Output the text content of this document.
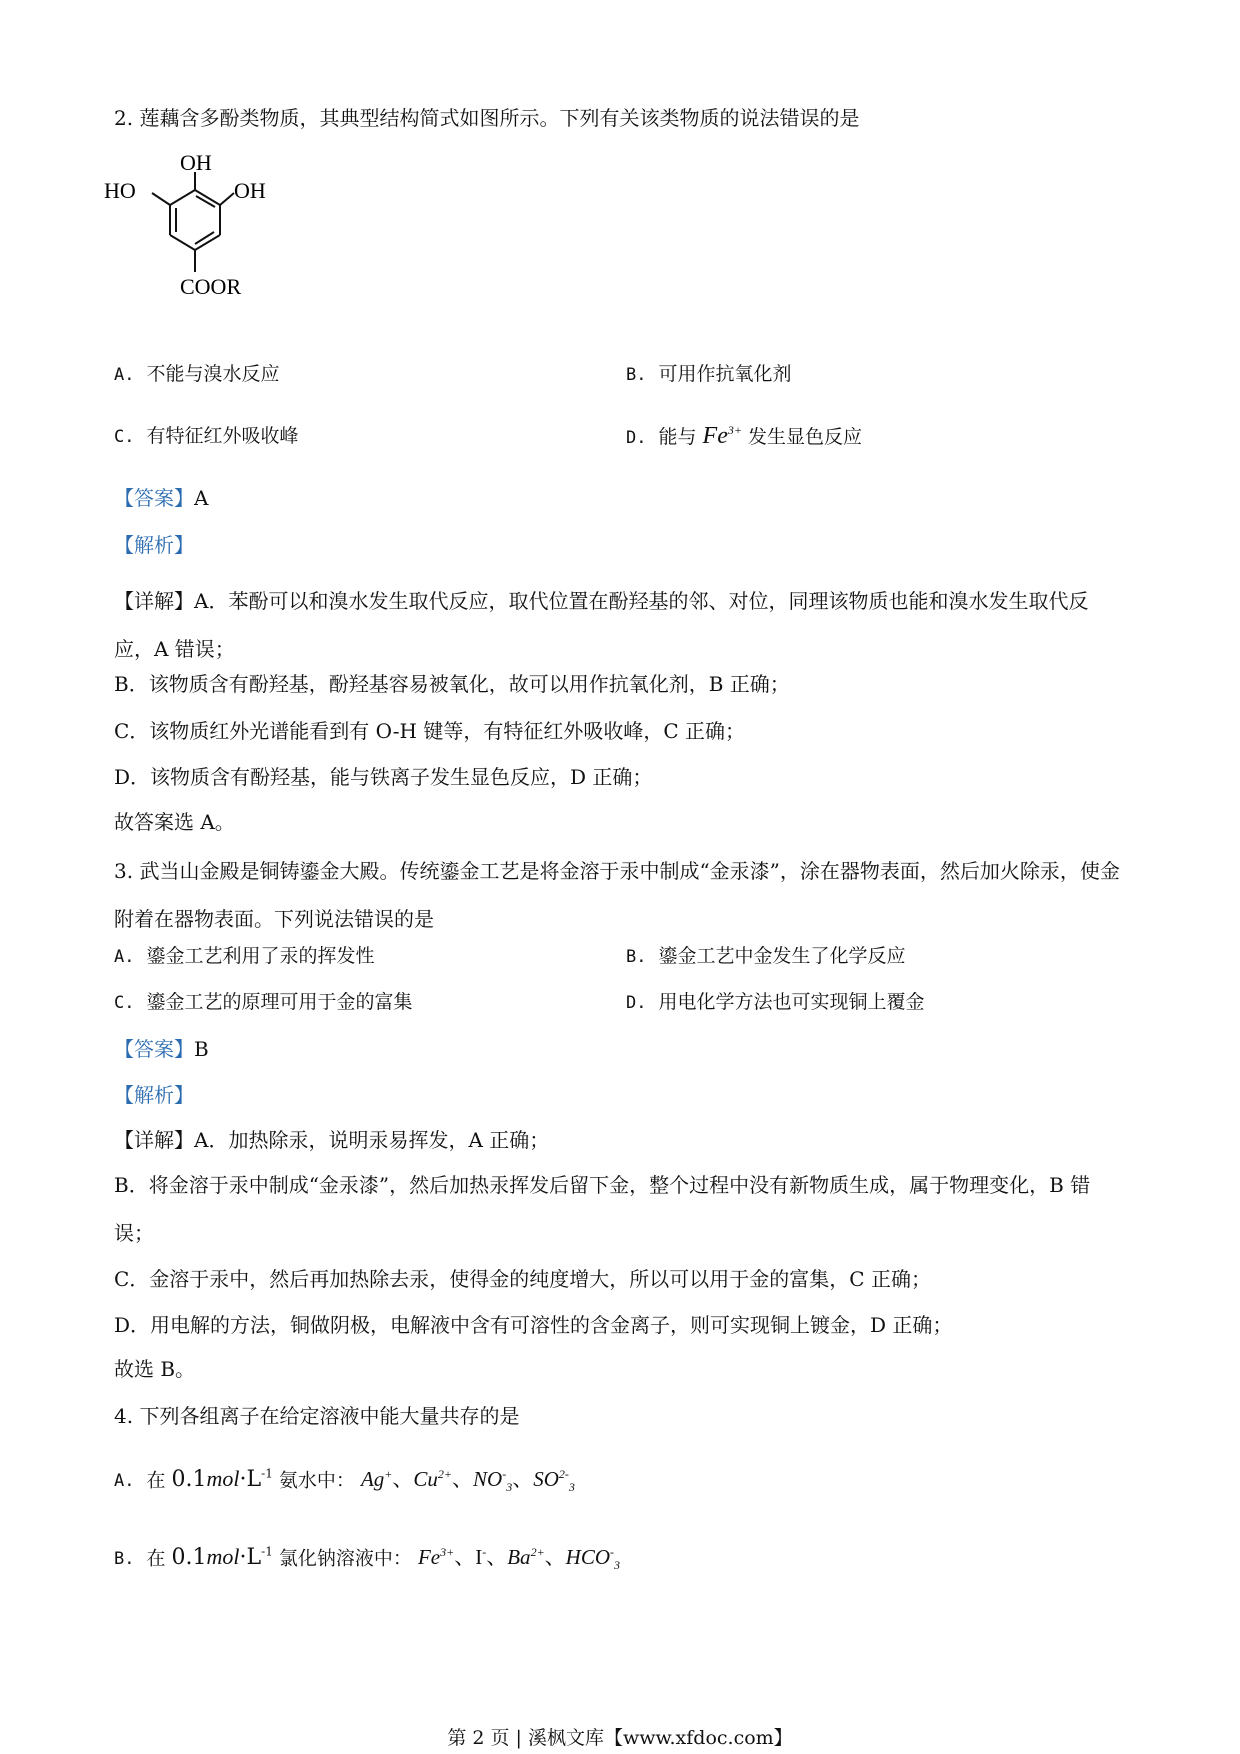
2. 莲藕含多酚类物质，其典型结构简式如图所示。下列有关该类物质的说法错误的是
OH
HO	OH
COOR
A. 不能与溴水反应	B. 可用作抗氧化剂
C. 有特征红外吸收峰	D. 能与 $Fe^{3+}$ 发生显色反应
【答案】A
【解析】
【详解】A．苯酚可以和溴水发生取代反应，取代位置在酚羟基的邻、对位，同理该物质也能和溴水发生取代反应，A 错误；
B．该物质含有酚羟基，酚羟基容易被氧化，故可以用作抗氧化剂，B 正确；
C．该物质红外光谱能看到有 O-H 键等，有特征红外吸收峰，C 正确；
D．该物质含有酚羟基，能与铁离子发生显色反应，D 正确；
故答案选 A。
3. 武当山金殿是铜铸鎏金大殿。传统鎏金工艺是将金溶于汞中制成“金汞漆”，涂在器物表面，然后加火除汞，使金附着在器物表面。下列说法错误的是
A. 鎏金工艺利用了汞的挥发性	B. 鎏金工艺中金发生了化学反应
C. 鎏金工艺的原理可用于金的富集	D. 用电化学方法也可实现铜上覆金
【答案】B
【解析】
【详解】A．加热除汞，说明汞易挥发，A 正确；
B．将金溶于汞中制成“金汞漆”，然后加热汞挥发后留下金，整个过程中没有新物质生成，属于物理变化，B 错误；
C．金溶于汞中，然后再加热除去汞，使得金的纯度增大，所以可以用于金的富集，C 正确；
D．用电解的方法，铜做阴极，电解液中含有可溶性的含金离子，则可实现铜上镀金，D 正确；
故选 B。
4. 下列各组离子在给定溶液中能大量共存的是
A. 在 $0.1mol\cdot L^{-1}$ 氨水中： Ag+、$Cu^{2+}$、$NO^-_3$、$SO^{2-}_3$
B. 在 $0.1mol\cdot L^{-1}$ 氯化钠溶液中： $Fe^{3+}$、I-、$Ba^{2+}$、$HCO^-_3$
第 2 页 | 溪枫文库【www.xfdoc.com】
